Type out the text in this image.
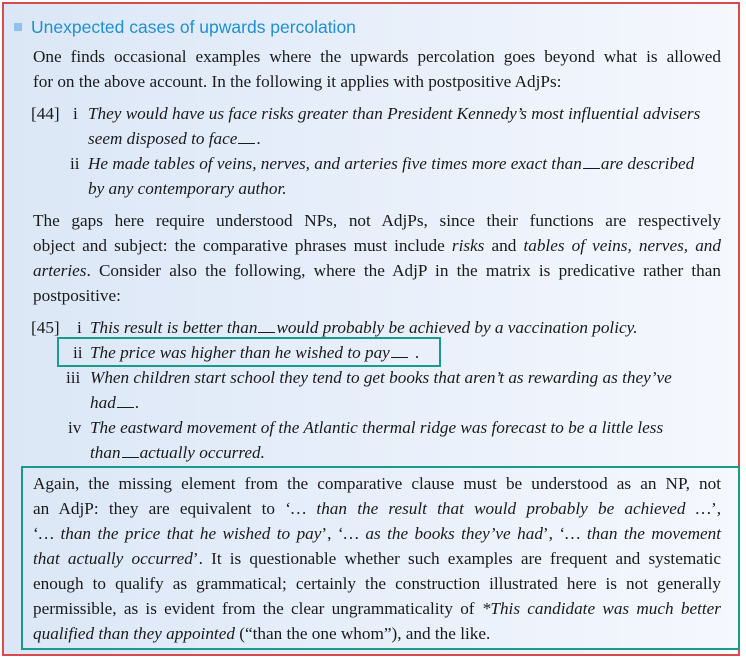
Unexpected cases of upwards percolation
One finds occasional examples where the upwards percolation goes beyond what is allowed
for on the above account. In the following it applies with postpositive AdjPs:
[44] i They would have us face risks greater than President Kennedy’s most influential advisers
seem disposed to face .
ii He made tables of veins, nerves, and arteries five times more exact than are described
by any contemporary author.
The gaps here require understood NPs, not AdjPs, since their functions are respectively
object and subject: the comparative phrases must include risks and tables of veins, nerves, and
arteries. Consider also the following, where the AdjP in the matrix is predicative rather than
postpositive:
[45] i This result is better than would probably be achieved by a vaccination policy.
ii The price was higher than he wished to pay .
iii When children start school they tend to get books that aren’t as rewarding as they’ve
had .
iv The eastward movement of the Atlantic thermal ridge was forecast to be a little less
than actually occurred.
Again, the missing element from the comparative clause must be understood as an NP, not
an AdjP: they are equivalent to ‘… than the result that would probably be achieved …’,
‘… than the price that he wished to pay’, ‘… as the books they’ve had’, ‘… than the movement
that actually occurred’. It is questionable whether such examples are frequent and systematic
enough to qualify as grammatical; certainly the construction illustrated here is not generally
permissible, as is evident from the clear ungrammaticality of *This candidate was much better
qualified than they appointed (“than the one whom”), and the like.
